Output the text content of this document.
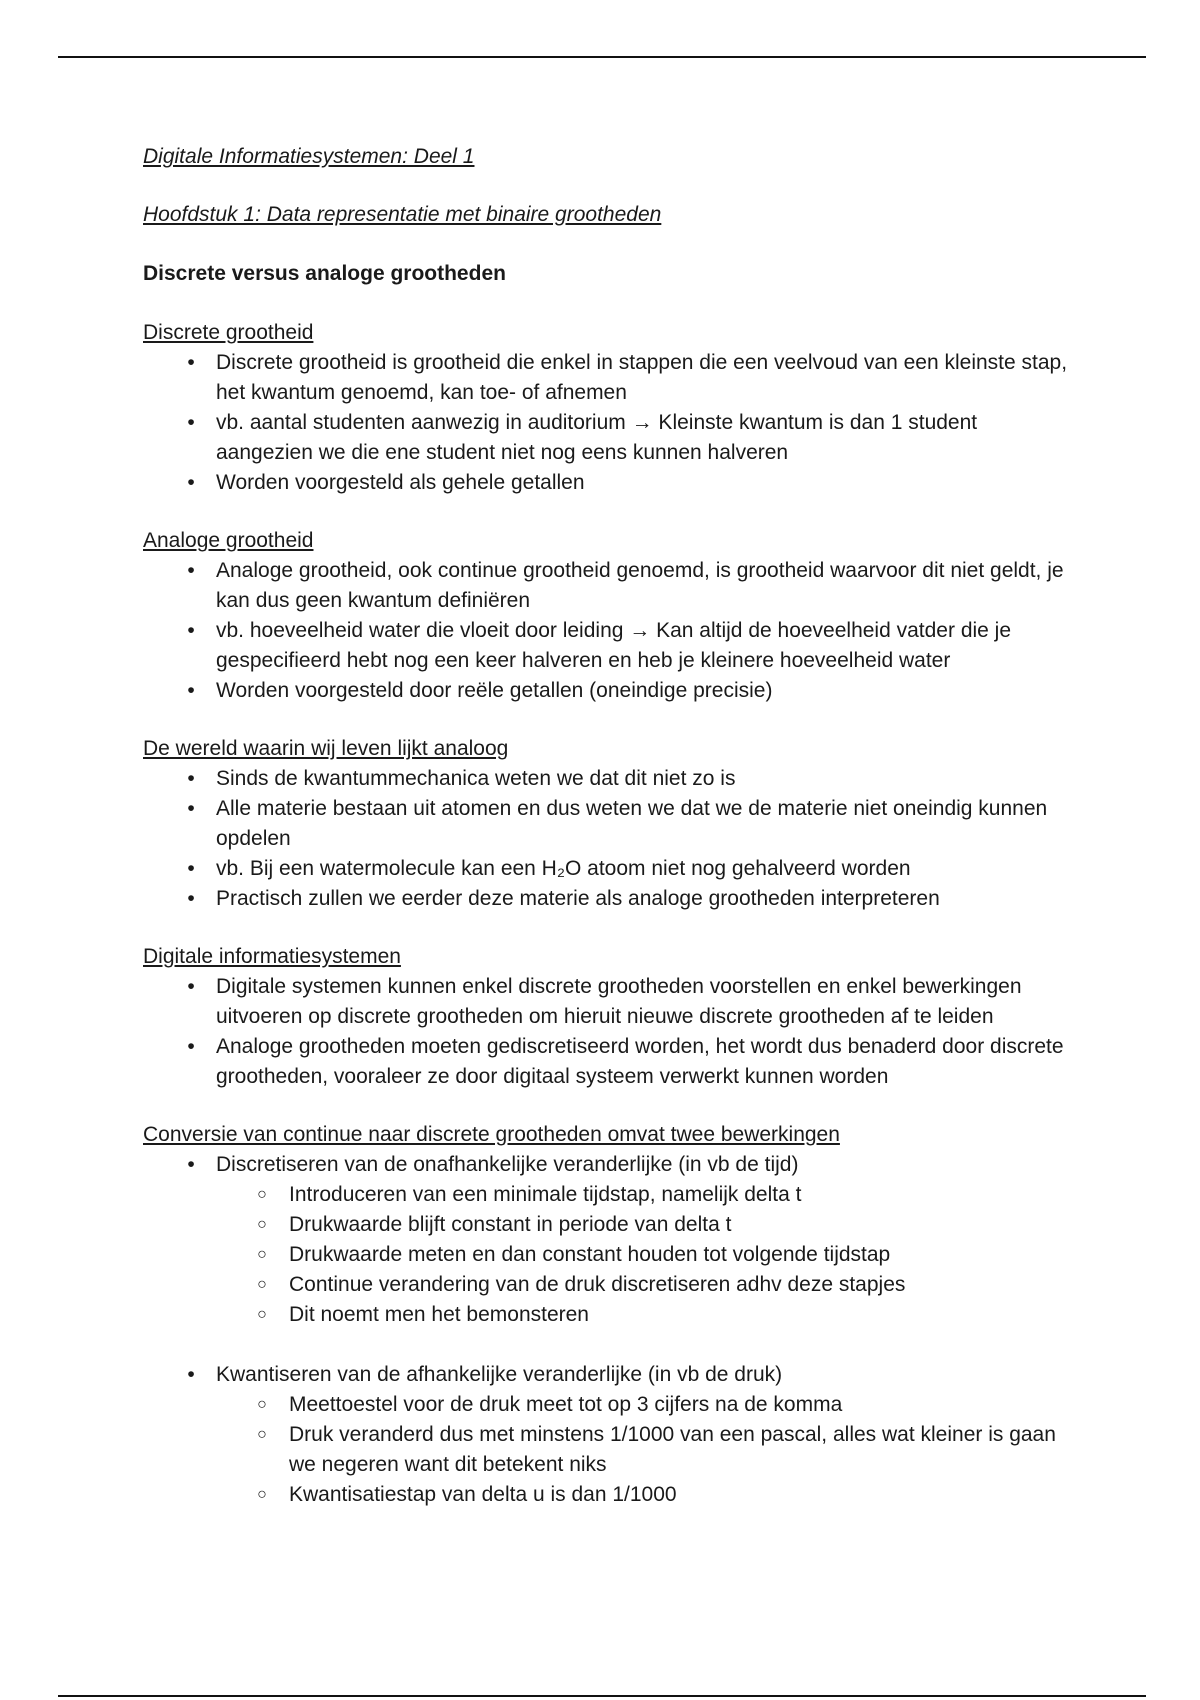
Digitale Informatiesystemen: Deel 1

Hoofdstuk 1: Data representatie met binaire grootheden

Discrete versus analoge grootheden

Discrete grootheid

•	Discrete grootheid is grootheid die enkel in stappen die een veelvoud van een kleinste stap, het kwantum genoemd, kan toe- of afnemen
•	vb. aantal studenten aanwezig in auditorium → Kleinste kwantum is dan 1 student aangezien we die ene student niet nog eens kunnen halveren
•	Worden voorgesteld als gehele getallen

Analoge grootheid

•	Analoge grootheid, ook continue grootheid genoemd, is grootheid waarvoor dit niet geldt, je kan dus geen kwantum definiëren
•	vb. hoeveelheid water die vloeit door leiding → Kan altijd de hoeveelheid vatder die je gespecifieerd hebt nog een keer halveren en heb je kleinere hoeveelheid water
•	Worden voorgesteld door reële getallen (oneindige precisie)

De wereld waarin wij leven lijkt analoog

•	Sinds de kwantummechanica weten we dat dit niet zo is
•	Alle materie bestaan uit atomen en dus weten we dat we de materie niet oneindig kunnen opdelen
•	vb. Bij een watermolecule kan een H₂O atoom niet nog gehalveerd worden
•	Practisch zullen we eerder deze materie als analoge grootheden interpreteren

Digitale informatiesystemen

•	Digitale systemen kunnen enkel discrete grootheden voorstellen en enkel bewerkingen uitvoeren op discrete grootheden om hieruit nieuwe discrete grootheden af te leiden
•	Analoge grootheden moeten gediscretiseerd worden, het wordt dus benaderd door discrete grootheden, vooraleer ze door digitaal systeem verwerkt kunnen worden

Conversie van continue naar discrete grootheden omvat twee bewerkingen

•	Discretiseren van de onafhankelijke veranderlijke (in vb de tijd)
○ Introduceren van een minimale tijdstap, namelijk delta t
○ Drukwaarde blijft constant in periode van delta t
○ Drukwaarde meten en dan constant houden tot volgende tijdstap
○ Continue verandering van de druk discretiseren adhv deze stapjes
○ Dit noemt men het bemonsteren
•	Kwantiseren van de afhankelijke veranderlijke (in vb de druk)
○ Meettoestel voor de druk meet tot op 3 cijfers na de komma
○ Druk veranderd dus met minstens 1/1000 van een pascal, alles wat kleiner is gaan we negeren want dit betekent niks
○ Kwantisatiestap van delta u is dan 1/1000
